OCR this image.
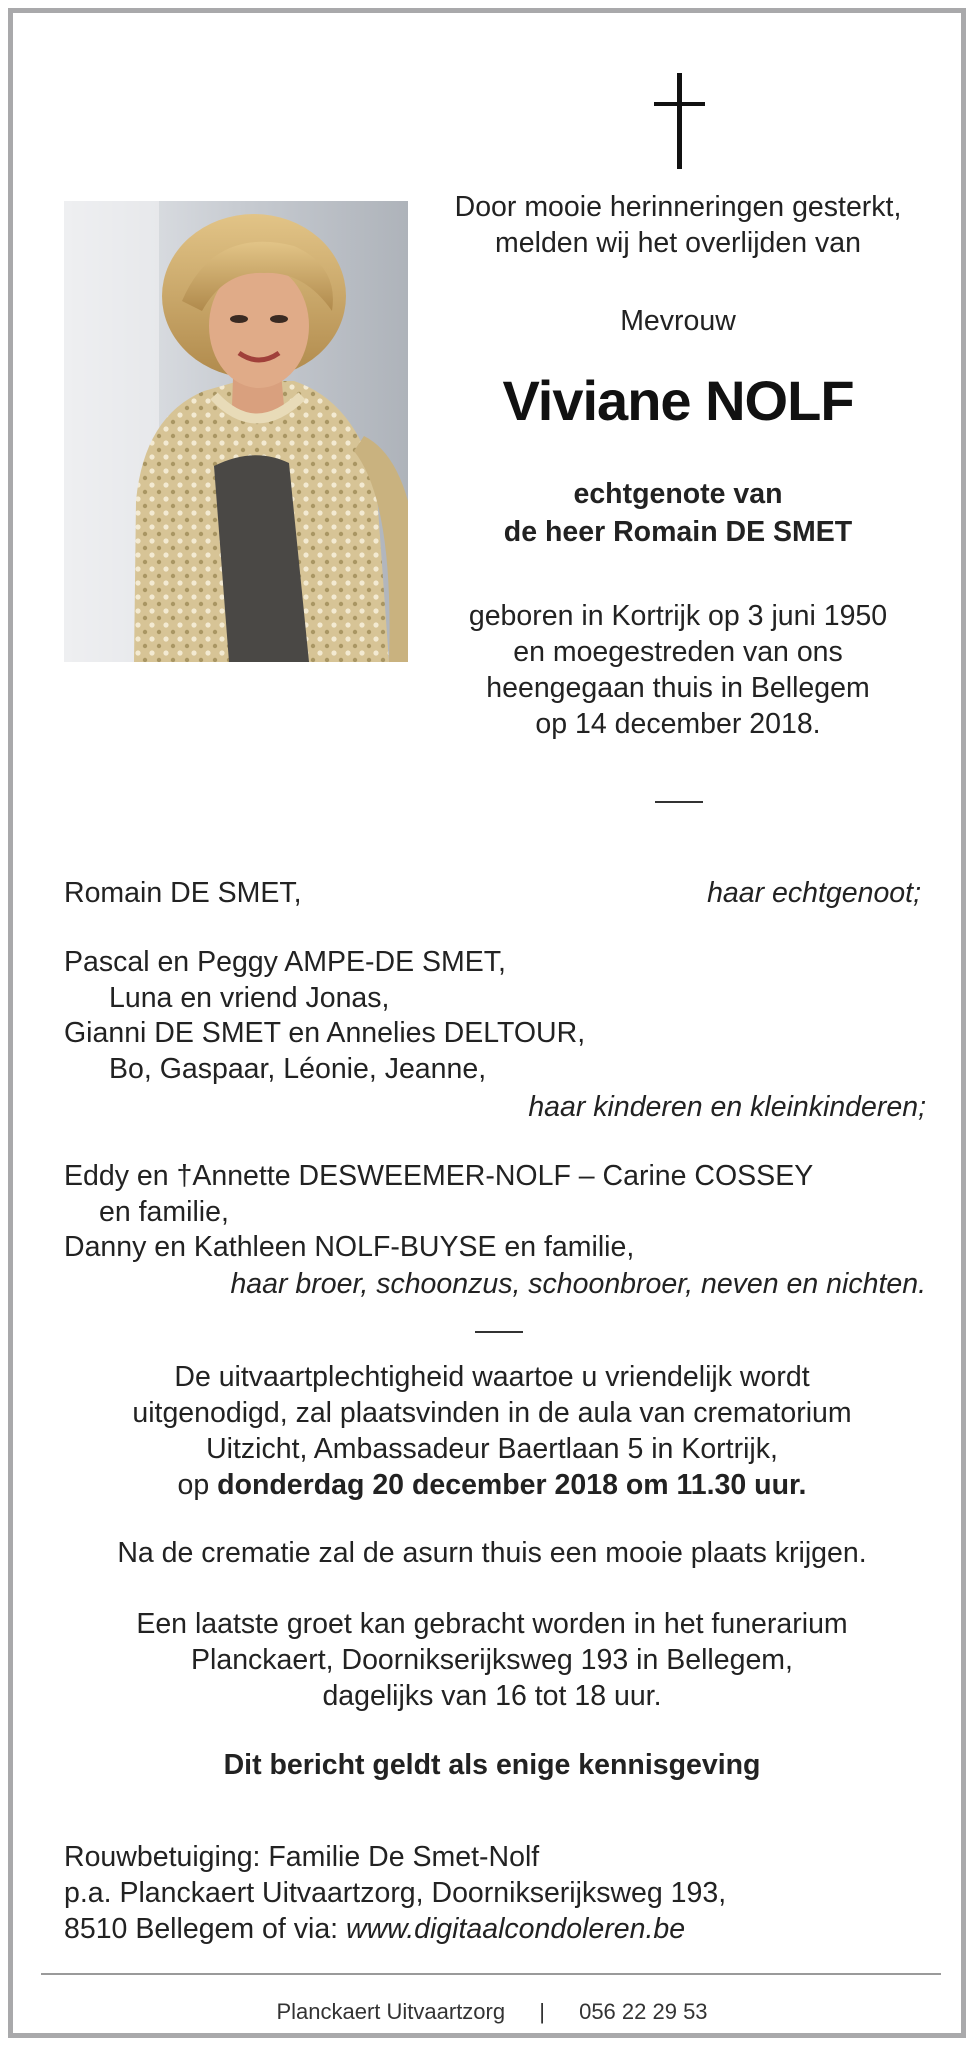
Door mooie herinneringen gesterkt,
melden wij het overlijden van
Mevrouw
Viviane NOLF
echtgenote van
de heer Romain DE SMET
geboren in Kortrijk op 3 juni 1950
en moegestreden van ons
heengegaan thuis in Bellegem
op 14 december 2018.
Romain DE SMET,	haar echtgenoot;
Pascal en Peggy AMPE-DE SMET,
Luna en vriend Jonas,
Gianni DE SMET en Annelies DELTOUR,
Bo, Gaspaar, Léonie, Jeanne,
haar kinderen en kleinkinderen;
Eddy en †Annette DESWEEMER-NOLF – Carine COSSEY
en familie,
Danny en Kathleen NOLF-BUYSE en familie,
haar broer, schoonzus, schoonbroer, neven en nichten.
De uitvaartplechtigheid waartoe u vriendelijk wordt
uitgenodigd, zal plaatsvinden in de aula van crematorium
Uitzicht, Ambassadeur Baertlaan 5 in Kortrijk,
op donderdag 20 december 2018 om 11.30 uur.
Na de crematie zal de asurn thuis een mooie plaats krijgen.
Een laatste groet kan gebracht worden in het funerarium
Planckaert, Doornikserijksweg 193 in Bellegem,
dagelijks van 16 tot 18 uur.
Dit bericht geldt als enige kennisgeving
Rouwbetuiging: Familie De Smet-Nolf
p.a. Planckaert Uitvaartzorg, Doornikserijksweg 193,
8510 Bellegem of via: www.digitaalcondoleren.be
Planckaert Uitvaartzorg | 056 22 29 53
